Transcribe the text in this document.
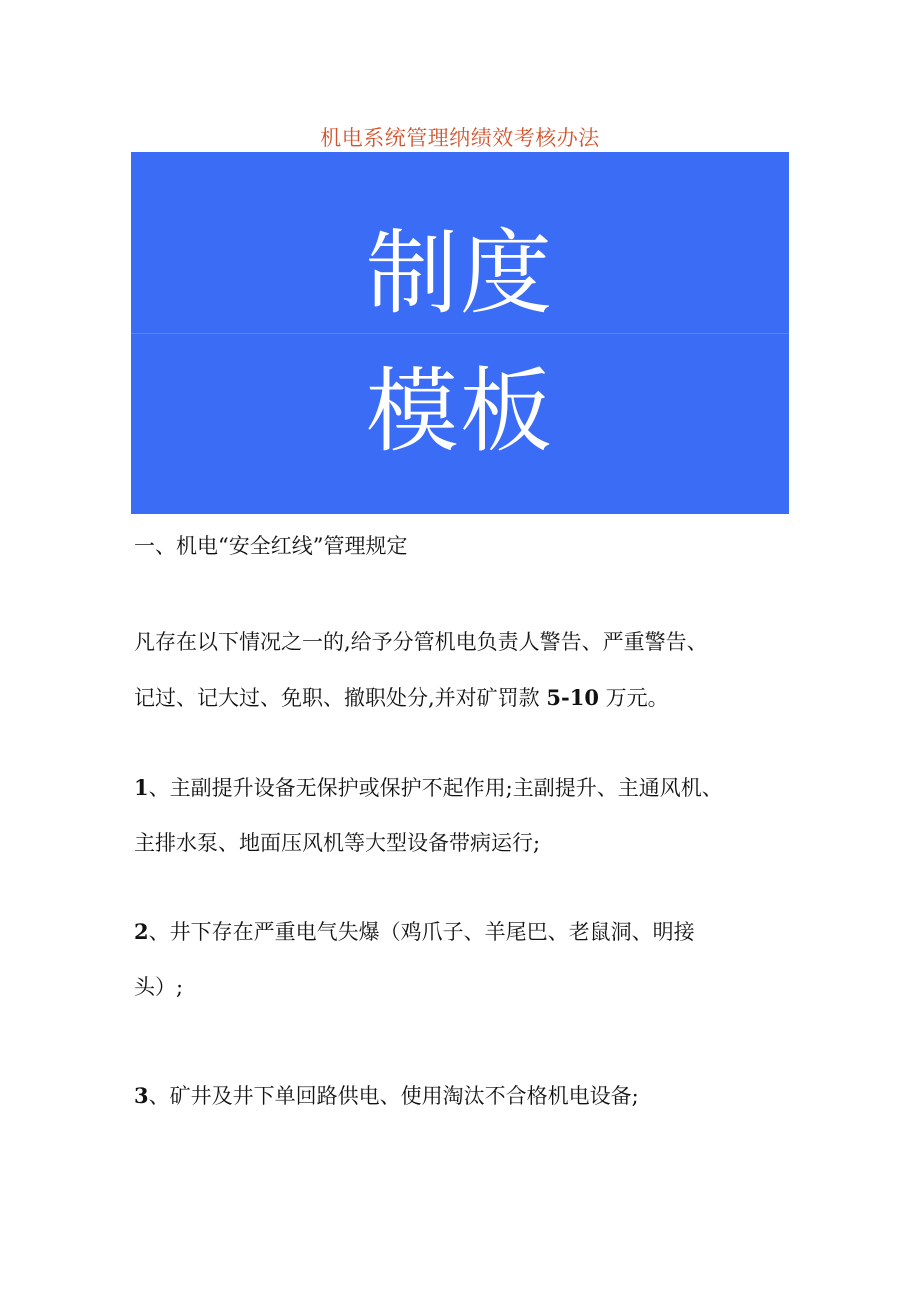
机电系统管理纳绩效考核办法
制度
模板
一、机电“安全红线”管理规定
凡存在以下情况之一的,给予分管机电负责人警告、严重警告、
记过、记大过、免职、撤职处分,并对矿罚款 5-10 万元。
1、主副提升设备无保护或保护不起作用;主副提升、主通风机、
主排水泵、地面压风机等大型设备带病运行;
2、井下存在严重电气失爆（鸡爪子、羊尾巴、老鼠洞、明接
头）;
3、矿井及井下单回路供电、使用淘汰不合格机电设备;
